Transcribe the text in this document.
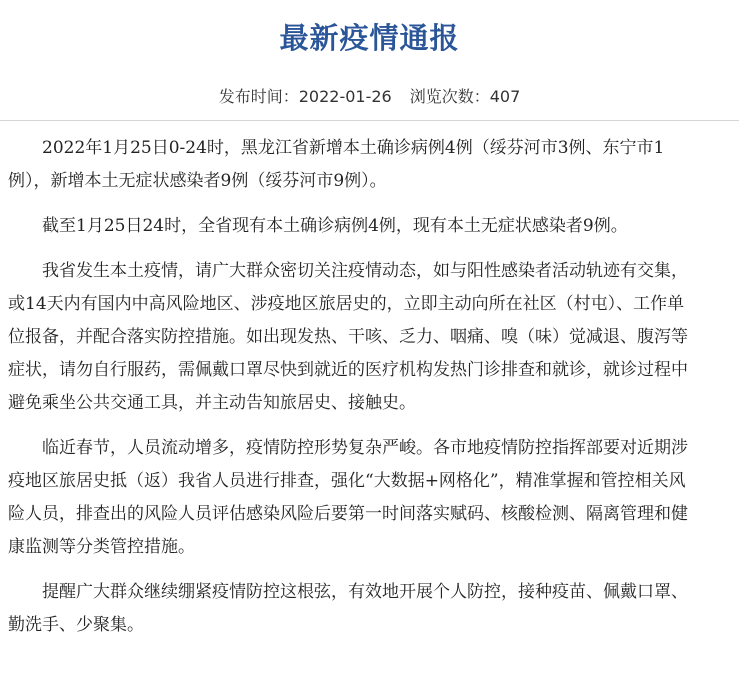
最新疫情通报
发布时间：2022-01-26 浏览次数：407

2022年1月25日0-24时，黑龙江省新增本土确诊病例4例（绥芬河市3例、东宁市1例），新增本土无症状感染者9例（绥芬河市9例）。

截至1月25日24时，全省现有本土确诊病例4例，现有本土无症状感染者9例。

我省发生本土疫情，请广大群众密切关注疫情动态，如与阳性感染者活动轨迹有交集，或14天内有国内中高风险地区、涉疫地区旅居史的，立即主动向所在社区（村屯）、工作单位报备，并配合落实防控措施。如出现发热、干咳、乏力、咽痛、嗅（味）觉减退、腹泻等症状，请勿自行服药，需佩戴口罩尽快到就近的医疗机构发热门诊排查和就诊，就诊过程中避免乘坐公共交通工具，并主动告知旅居史、接触史。

临近春节，人员流动增多，疫情防控形势复杂严峻。各市地疫情防控指挥部要对近期涉疫地区旅居史抵（返）我省人员进行排查，强化“大数据+网格化”，精准掌握和管控相关风险人员，排查出的风险人员评估感染风险后要第一时间落实赋码、核酸检测、隔离管理和健康监测等分类管控措施。

提醒广大群众继续绷紧疫情防控这根弦，有效地开展个人防控，接种疫苗、佩戴口罩、勤洗手、少聚集。
